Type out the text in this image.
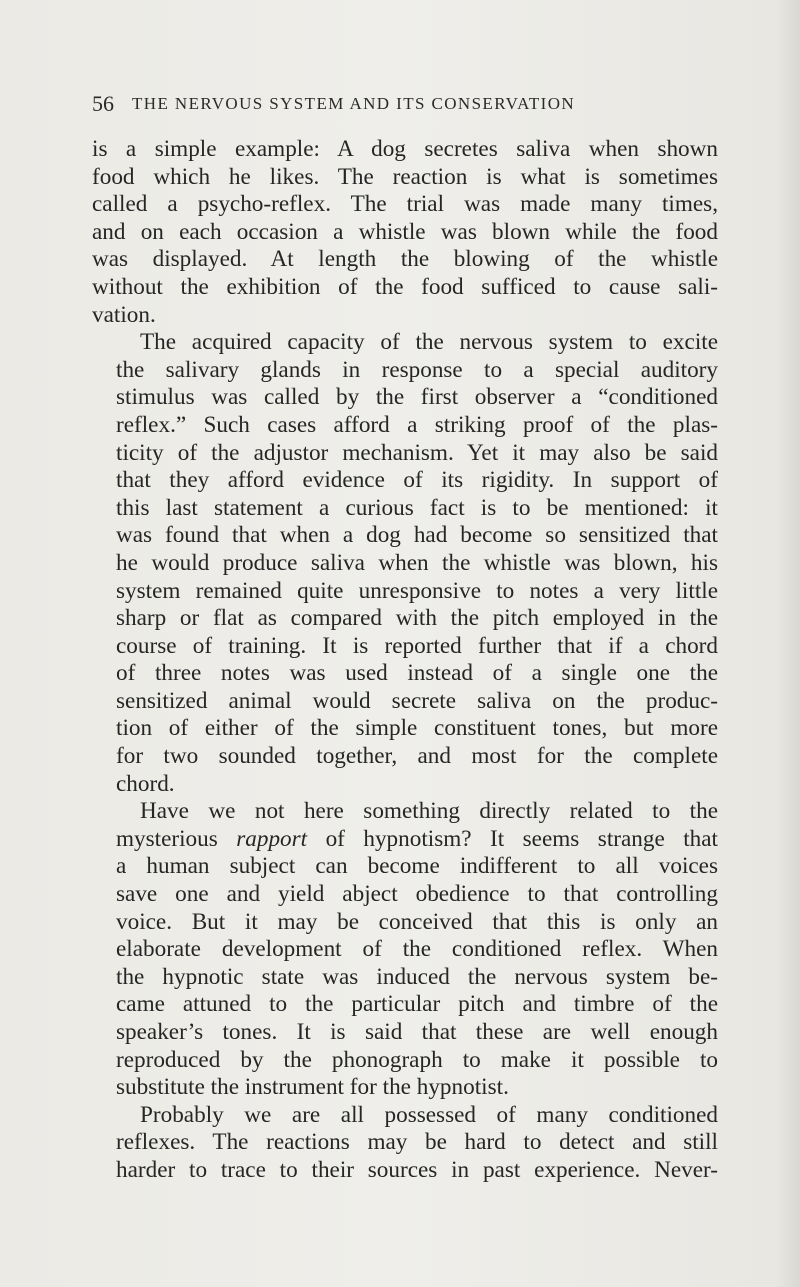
56 THE NERVOUS SYSTEM AND ITS CONSERVATION
is a simple example: A dog secretes saliva when shown
food which he likes. The reaction is what is sometimes
called a psycho-reflex. The trial was made many times,
and on each occasion a whistle was blown while the food
was displayed. At length the blowing of the whistle
without the exhibition of the food sufficed to cause sali-
vation.
The acquired capacity of the nervous system to excite
the salivary glands in response to a special auditory
stimulus was called by the first observer a “conditioned
reflex.” Such cases afford a striking proof of the plas-
ticity of the adjustor mechanism. Yet it may also be said
that they afford evidence of its rigidity. In support of
this last statement a curious fact is to be mentioned: it
was found that when a dog had become so sensitized that
he would produce saliva when the whistle was blown, his
system remained quite unresponsive to notes a very little
sharp or flat as compared with the pitch employed in the
course of training. It is reported further that if a chord
of three notes was used instead of a single one the
sensitized animal would secrete saliva on the produc-
tion of either of the simple constituent tones, but more
for two sounded together, and most for the complete
chord.
Have we not here something directly related to the
mysterious rapport of hypnotism? It seems strange that
a human subject can become indifferent to all voices
save one and yield abject obedience to that controlling
voice. But it may be conceived that this is only an
elaborate development of the conditioned reflex. When
the hypnotic state was induced the nervous system be-
came attuned to the particular pitch and timbre of the
speaker’s tones. It is said that these are well enough
reproduced by the phonograph to make it possible to
substitute the instrument for the hypnotist.
Probably we are all possessed of many conditioned
reflexes. The reactions may be hard to detect and still
harder to trace to their sources in past experience. Never-
